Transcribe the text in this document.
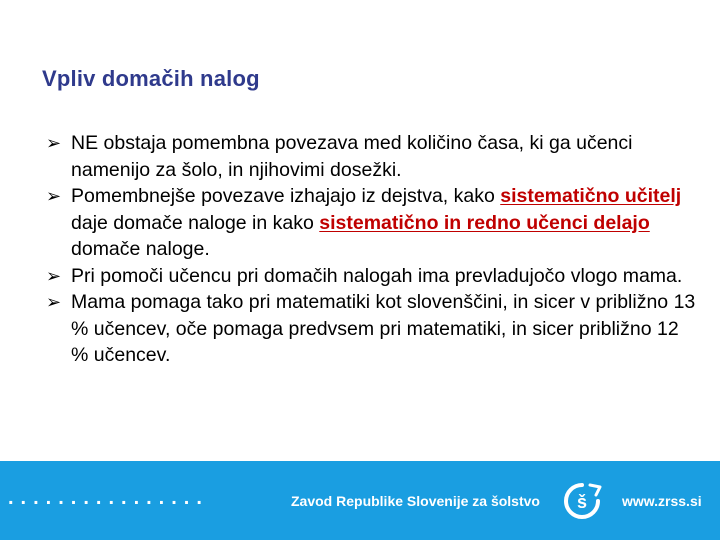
Vpliv domačih nalog
➢ NE obstaja pomembna povezava med količino časa, ki ga učenci namenijo za šolo, in njihovimi dosežki.
➢ Pomembnejše povezave izhajajo iz dejstva, kako sistematično učitelj daje domače naloge in kako sistematično in redno učenci delajo domače naloge.
➢ Pri pomoči učencu pri domačih nalogah ima prevladujočo vlogo mama.
➢ Mama pomaga tako pri matematiki kot slovenščini, in sicer v približno 13 % učencev, oče pomaga predvsem pri matematiki, in sicer približno 12 % učencev.
................	Zavod Republike Slovenije za šolstvo š www.zrss.si
